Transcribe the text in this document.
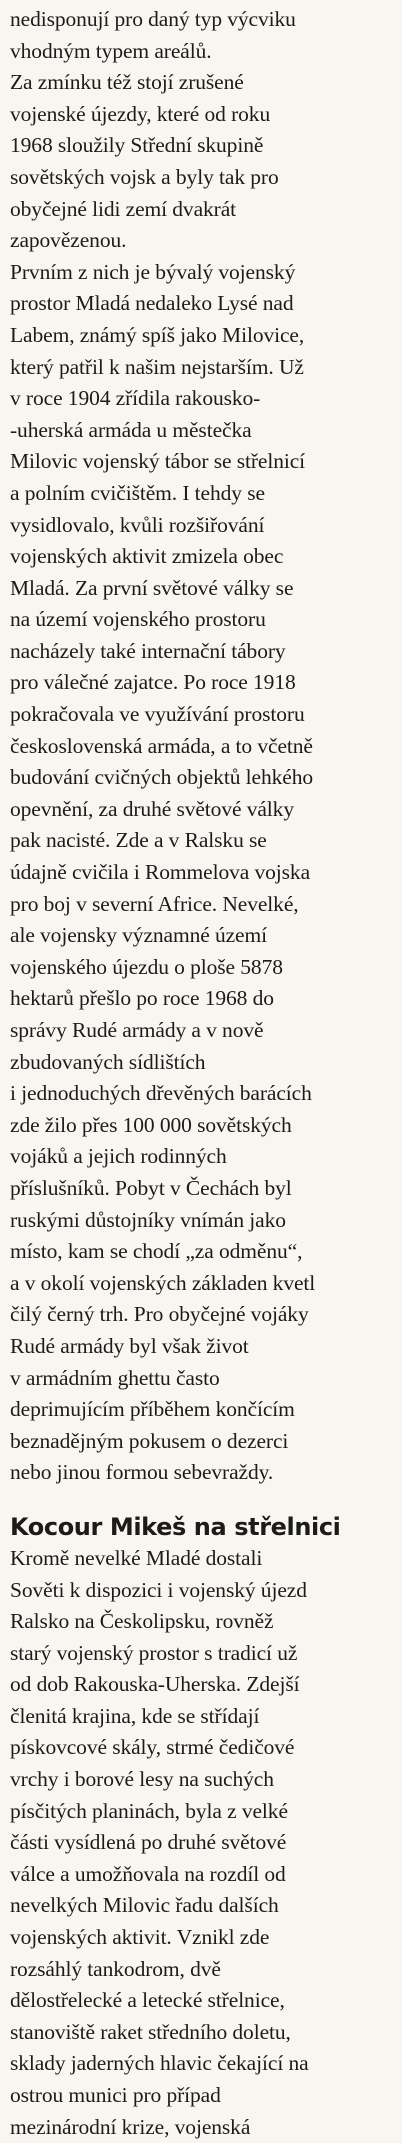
nedisponují pro daný typ výcviku
vhodným typem areálů.
Za zmínku též stojí zrušené
vojenské újezdy, které od roku
1968 sloužily Střední skupině
sovětských vojsk a byly tak pro
obyčejné lidi zemí dvakrát
zapovězenou.
Prvním z nich je bývalý vojenský
prostor Mladá nedaleko Lysé nad
Labem, známý spíš jako Milovice,
který patřil k našim nejstarším. Už
v roce 1904 zřídila rakousko-
-uherská armáda u městečka
Milovic vojenský tábor se střelnicí
a polním cvičištěm. I tehdy se
vysidlovalo, kvůli rozšiřování
vojenských aktivit zmizela obec
Mladá. Za první světové války se
na území vojenského prostoru
nacházely také internační tábory
pro válečné zajatce. Po roce 1918
pokračovala ve využívání prostoru
československá armáda, a to včetně
budování cvičných objektů lehkého
opevnění, za druhé světové války
pak nacisté. Zde a v Ralsku se
údajně cvičila i Rommelova vojska
pro boj v severní Africe. Nevelké,
ale vojensky významné území
vojenského újezdu o ploše 5878
hektarů přešlo po roce 1968 do
správy Rudé armády a v nově
zbudovaných sídlištích
i jednoduchých dřevěných barácích
zde žilo přes 100 000 sovětských
vojáků a jejich rodinných
příslušníků. Pobyt v Čechách byl
ruskými důstojníky vnímán jako
místo, kam se chodí „za odměnu“,
a v okolí vojenských základen kvetl
čilý černý trh. Pro obyčejné vojáky
Rudé armády byl však život
v armádním ghettu často
deprimujícím příběhem končícím
beznadějným pokusem o dezerci
nebo jinou formou sebevraždy.
Kocour Mikeš na střelnici
Kromě nevelké Mladé dostali
Sověti k dispozici i vojenský újezd
Ralsko na Českolipsku, rovněž
starý vojenský prostor s tradicí už
od dob Rakouska-Uherska. Zdejší
členitá krajina, kde se střídají
pískovcové skály, strmé čedičové
vrchy i borové lesy na suchých
písčitých planinách, byla z velké
části vysídlená po druhé světové
válce a umožňovala na rozdíl od
nevelkých Milovic řadu dalších
vojenských aktivit. Vznikl zde
rozsáhlý tankodrom, dvě
dělostřelecké a letecké střelnice,
stanoviště raket středního doletu,
sklady jaderných hlavic čekající na
ostrou munici pro případ
mezinárodní krize, vojenská
